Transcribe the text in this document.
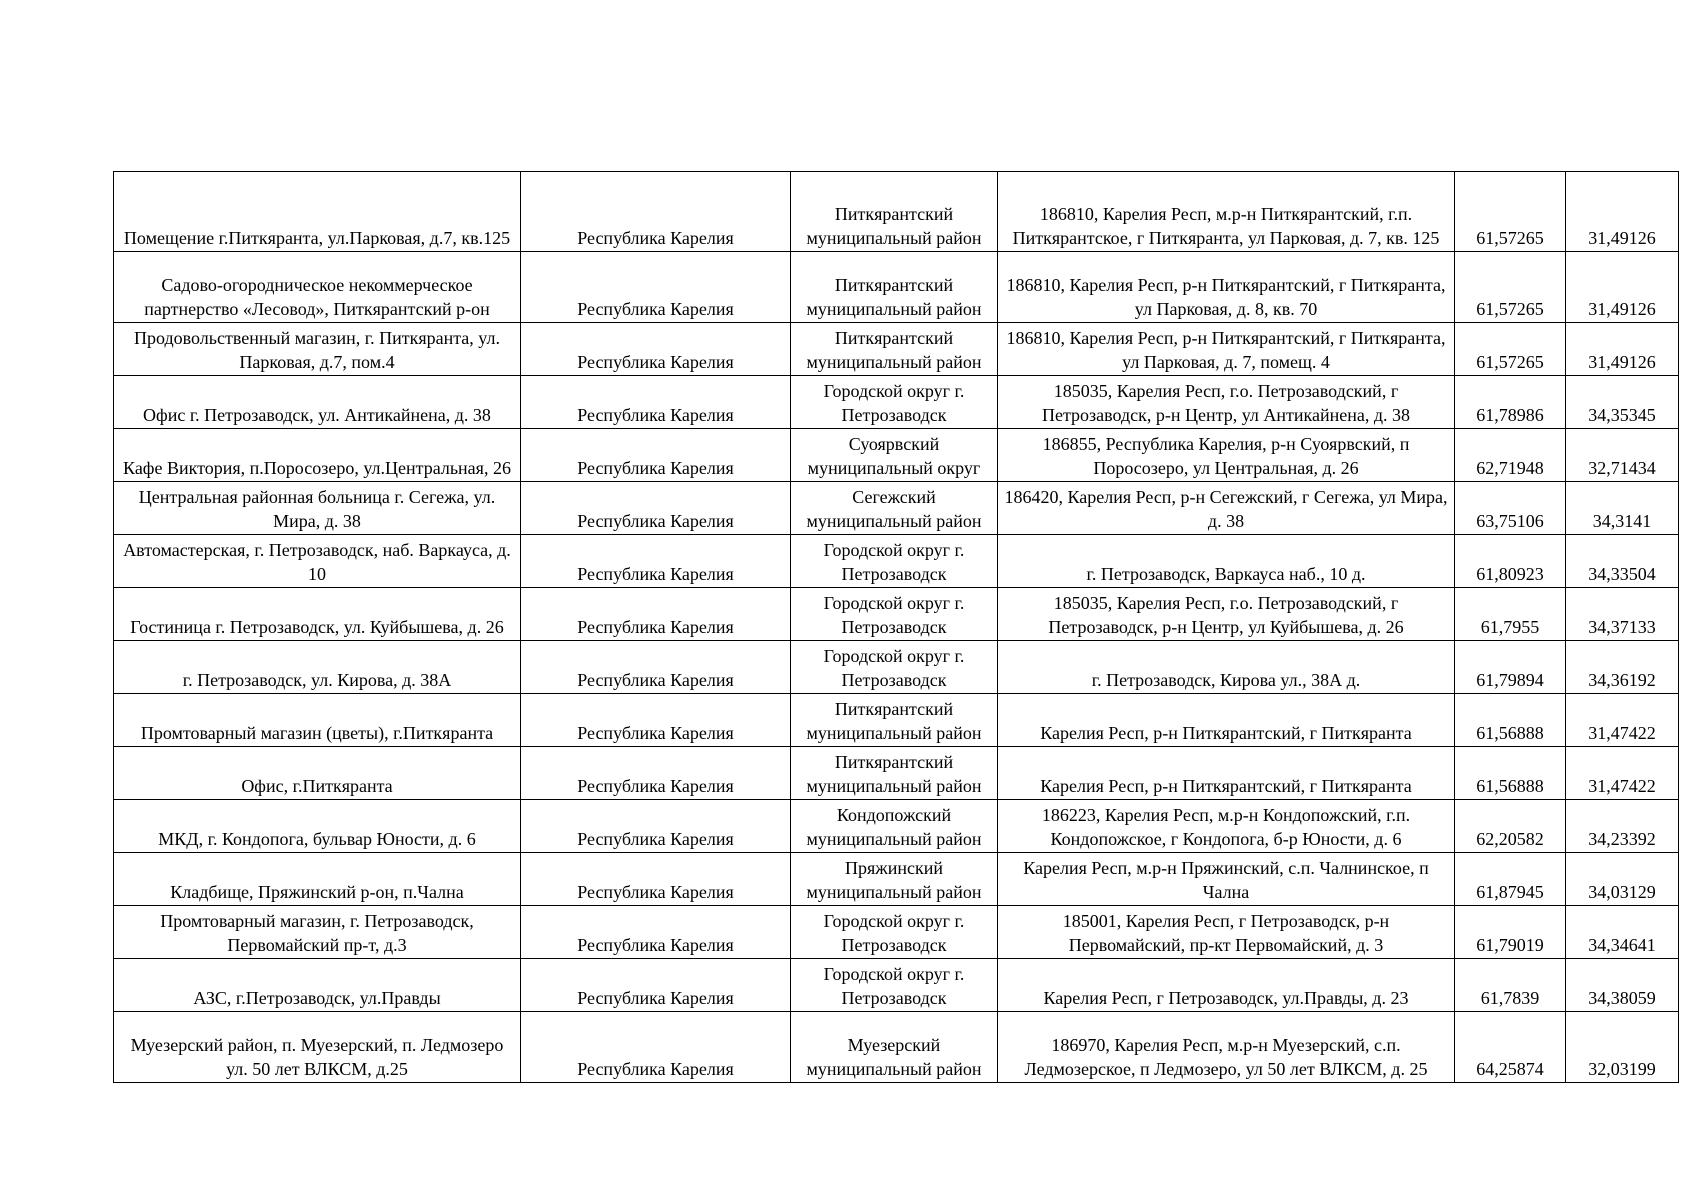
Помещение г.Питкяранта, ул.Парковая, д.7, кв.125	Республика Карелия	Питкярантский муниципальный район	186810, Карелия Респ, м.р-н Питкярантский, г.п. Питкярантское, г Питкяранта, ул Парковая, д. 7, кв. 125	61,57265	31,49126
Садово-огородническое некоммерческое партнерство «Лесовод», Питкярантский р-он	Республика Карелия	Питкярантский муниципальный район	186810, Карелия Респ, р-н Питкярантский, г Питкяранта, ул Парковая, д. 8, кв. 70	61,57265	31,49126
Продовольственный магазин, г. Питкяранта, ул. Парковая, д.7, пом.4	Республика Карелия	Питкярантский муниципальный район	186810, Карелия Респ, р-н Питкярантский, г Питкяранта, ул Парковая, д. 7, помещ. 4	61,57265	31,49126
Офис г. Петрозаводск, ул. Антикайнена, д. 38	Республика Карелия	Городской округ г. Петрозаводск	185035, Карелия Респ, г.о. Петрозаводский, г Петрозаводск, р-н Центр, ул Антикайнена, д. 38	61,78986	34,35345
Кафе Виктория, п.Поросозеро, ул.Центральная, 26	Республика Карелия	Суоярвский муниципальный округ	186855, Республика Карелия, р-н Суоярвский, п Поросозеро, ул Центральная, д. 26	62,71948	32,71434
Центральная районная больница г. Сегежа, ул. Мира, д. 38	Республика Карелия	Сегежский муниципальный район	186420, Карелия Респ, р-н Сегежский, г Сегежа, ул Мира, д. 38	63,75106	34,3141
Автомастерская, г. Петрозаводск, наб. Варкауса, д. 10	Республика Карелия	Городской округ г. Петрозаводск	г. Петрозаводск, Варкауса наб., 10 д.	61,80923	34,33504
Гостиница г. Петрозаводск, ул. Куйбышева, д. 26	Республика Карелия	Городской округ г. Петрозаводск	185035, Карелия Респ, г.о. Петрозаводский, г Петрозаводск, р-н Центр, ул Куйбышева, д. 26	61,7955	34,37133
г. Петрозаводск, ул. Кирова, д. 38А	Республика Карелия	Городской округ г. Петрозаводск	г. Петрозаводск, Кирова ул., 38А д.	61,79894	34,36192
Промтоварный магазин (цветы), г.Питкяранта	Республика Карелия	Питкярантский муниципальный район	Карелия Респ, р-н Питкярантский, г Питкяранта	61,56888	31,47422
Офис, г.Питкяранта	Республика Карелия	Питкярантский муниципальный район	Карелия Респ, р-н Питкярантский, г Питкяранта	61,56888	31,47422
МКД, г. Кондопога, бульвар Юности, д. 6	Республика Карелия	Кондопожский муниципальный район	186223, Карелия Респ, м.р-н Кондопожский, г.п. Кондопожское, г Кондопога, б-р Юности, д. 6	62,20582	34,23392
Кладбище, Пряжинский р-он, п.Чална	Республика Карелия	Пряжинский муниципальный район	Карелия Респ, м.р-н Пряжинский, с.п. Чалнинское, п Чална	61,87945	34,03129
Промтоварный магазин, г. Петрозаводск, Первомайский пр-т, д.3	Республика Карелия	Городской округ г. Петрозаводск	185001, Карелия Респ, г Петрозаводск, р-н Первомайский, пр-кт Первомайский, д. 3	61,79019	34,34641
АЗС, г.Петрозаводск, ул.Правды	Республика Карелия	Городской округ г. Петрозаводск	Карелия Респ, г Петрозаводск, ул.Правды, д. 23	61,7839	34,38059
Муезерский район, п. Муезерский, п. Ледмозеро ул. 50 лет ВЛКСМ, д.25	Республика Карелия	Муезерский муниципальный район	186970, Карелия Респ, м.р-н Муезерский, с.п. Ледмозерское, п Ледмозеро, ул 50 лет ВЛКСМ, д. 25	64,25874	32,03199
